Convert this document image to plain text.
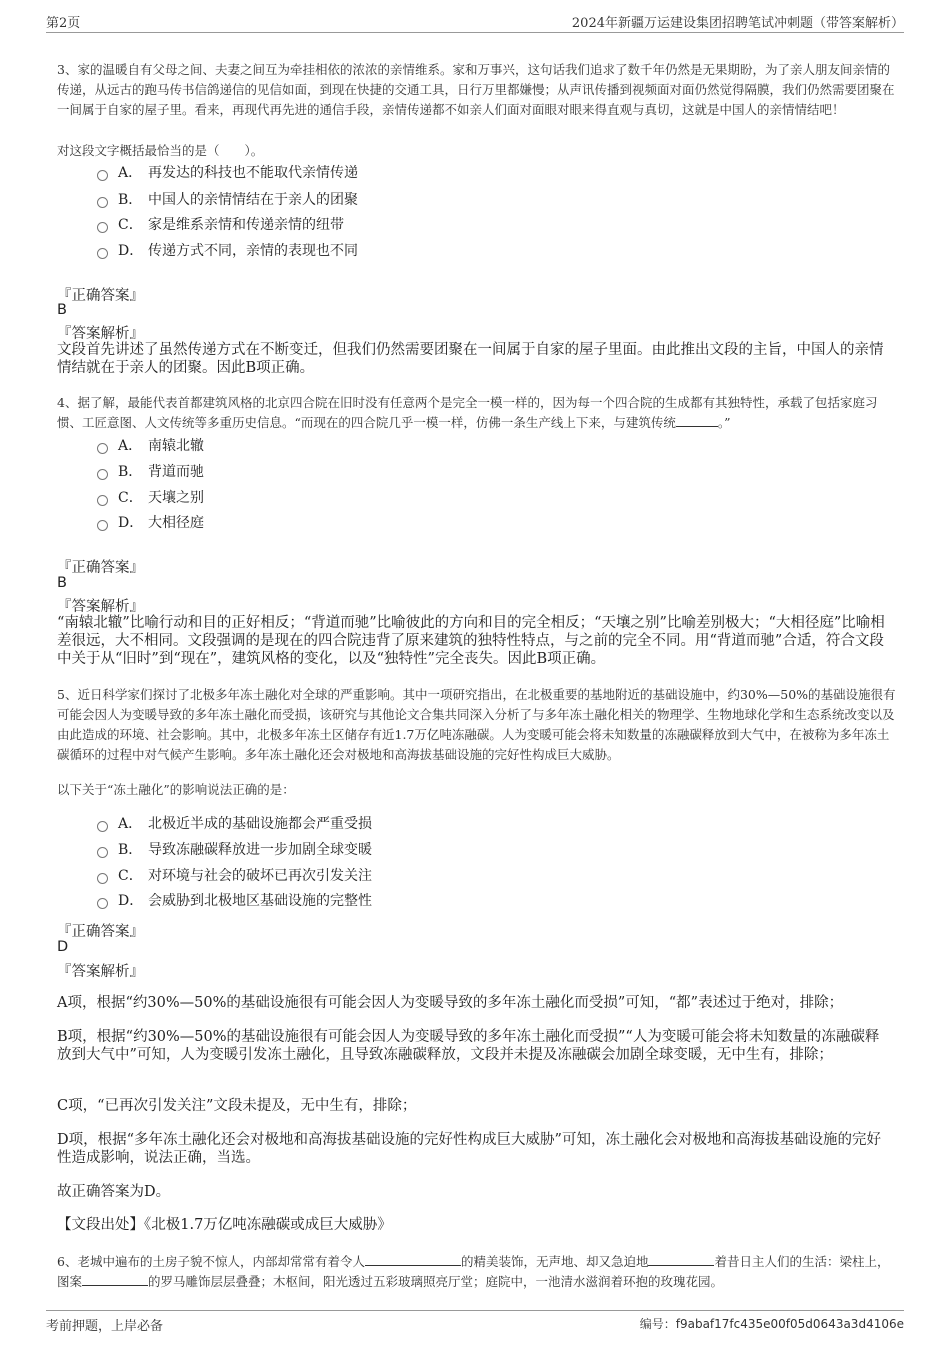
第2页	2024年新疆万运建设集团招聘笔试冲刺题（带答案解析）
3、家的温暖自有父母之间、夫妻之间互为牵挂相依的浓浓的亲情维系。家和万事兴，这句话我们追求了数千年仍然是无果期盼，为了亲人朋友间亲情的传递，从远古的跑马传书信鸽递信的见信如面，到现在快捷的交通工具，日行万里都嫌慢；从声讯传播到视频面对面仍然觉得隔膜，我们仍然需要团聚在一间属于自家的屋子里。看来，再现代再先进的通信手段，亲情传递都不如亲人们面对面眼对眼来得直观与真切，这就是中国人的亲情情结吧！
对这段文字概括最恰当的是（　　）。
A． 再发达的科技也不能取代亲情传递
B． 中国人的亲情情结在于亲人的团聚
C． 家是维系亲情和传递亲情的纽带
D． 传递方式不同，亲情的表现也不同
『正确答案』
B
『答案解析』
文段首先讲述了虽然传递方式在不断变迁，但我们仍然需要团聚在一间属于自家的屋子里面。由此推出文段的主旨，中国人的亲情情结就在于亲人的团聚。因此B项正确。
4、据了解，最能代表首都建筑风格的北京四合院在旧时没有任意两个是完全一模一样的，因为每一个四合院的生成都有其独特性，承载了包括家庭习惯、工匠意图、人文传统等多重历史信息。“而现在的四合院几乎一模一样，仿佛一条生产线上下来，与建筑传统	。”
A． 南辕北辙
B． 背道而驰
C． 天壤之别
D． 大相径庭
『正确答案』
B
『答案解析』
“南辕北辙”比喻行动和目的正好相反；“背道而驰”比喻彼此的方向和目的完全相反；“天壤之别”比喻差别极大；“大相径庭”比喻相差很远，大不相同。文段强调的是现在的四合院违背了原来建筑的独特性特点，与之前的完全不同。用“背道而驰”合适，符合文段中关于从“旧时”到“现在”，建筑风格的变化，以及“独特性”完全丧失。因此B项正确。
5、近日科学家们探讨了北极多年冻土融化对全球的严重影响。其中一项研究指出，在北极重要的基地附近的基础设施中，约30%—50%的基础设施很有可能会因人为变暖导致的多年冻土融化而受损，该研究与其他论文合集共同深入分析了与多年冻土融化相关的物理学、生物地球化学和生态系统改变以及由此造成的环境、社会影响。其中，北极多年冻土区储存有近1.7万亿吨冻融碳。人为变暖可能会将未知数量的冻融碳释放到大气中，在被称为多年冻土碳循环的过程中对气候产生影响。多年冻土融化还会对极地和高海拔基础设施的完好性构成巨大威胁。
以下关于“冻土融化”的影响说法正确的是：
A． 北极近半成的基础设施都会严重受损
B． 导致冻融碳释放进一步加剧全球变暖
C． 对环境与社会的破坏已再次引发关注
D． 会威胁到北极地区基础设施的完整性
『正确答案』
D
『答案解析』
A项，根据“约30%—50%的基础设施很有可能会因人为变暖导致的多年冻土融化而受损”可知，“都”表述过于绝对，排除；
B项，根据“约30%—50%的基础设施很有可能会因人为变暖导致的多年冻土融化而受损”“人为变暖可能会将未知数量的冻融碳释放到大气中”可知，人为变暖引发冻土融化，且导致冻融碳释放，文段并未提及冻融碳会加剧全球变暖，无中生有，排除；
C项，“已再次引发关注”文段未提及，无中生有，排除；
D项，根据“多年冻土融化还会对极地和高海拔基础设施的完好性构成巨大威胁”可知，冻土融化会对极地和高海拔基础设施的完好性造成影响，说法正确，当选。
故正确答案为D。
【文段出处】《北极1.7万亿吨冻融碳或成巨大威胁》
6、老城中遍布的土房子貌不惊人，内部却常常有着令人	的精美装饰，无声地、却又急迫地	着昔日主人们的生活：梁柱上，图案	的罗马雕饰层层叠叠；木枢间，阳光透过五彩玻璃照亮厅堂；庭院中，一池清水滋润着环抱的玫瑰花园。
考前押题，上岸必备	编号：f9abaf17fc435e00f05d0643a3d4106e
